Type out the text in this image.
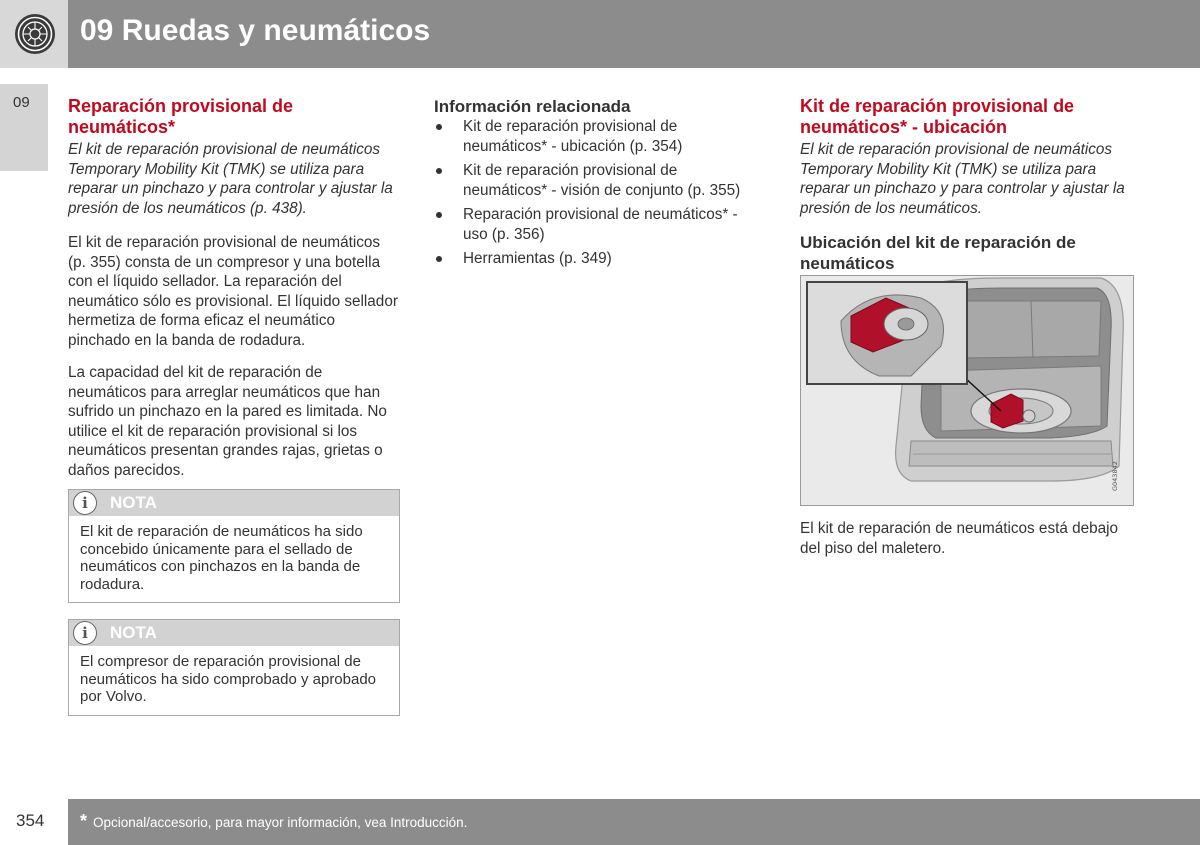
09 Ruedas y neumáticos
09 Reparación provisional de neumáticos*

El kit de reparación provisional de neumáticos Temporary Mobility Kit (TMK) se utiliza para reparar un pinchazo y para controlar y ajustar la presión de los neumáticos (p. 438).

El kit de reparación provisional de neumáticos (p. 355) consta de un compresor y una botella con el líquido sellador. La reparación del neumático sólo es provisional. El líquido sellador hermetiza de forma eficaz el neumático pinchado en la banda de rodadura.

La capacidad del kit de reparación de neumáticos para arreglar neumáticos que han sufrido un pinchazo en la pared es limitada. No utilice el kit de reparación provisional si los neumáticos presentan grandes rajas, grietas o daños parecidos.

i	NOTA
El kit de reparación de neumáticos ha sido concebido únicamente para el sellado de neumáticos con pinchazos en la banda de rodadura.
i	NOTA
El compresor de reparación provisional de neumáticos ha sido comprobado y aprobado por Volvo.
Información relacionada
Kit de reparación provisional de neumáticos* - ubicación (p. 354)
Kit de reparación provisional de neumáticos* - visión de conjunto (p. 355)
Reparación provisional de neumáticos* - uso (p. 356)
Herramientas (p. 349)
Kit de reparación provisional de neumáticos* - ubicación

El kit de reparación provisional de neumáticos Temporary Mobility Kit (TMK) se utiliza para reparar un pinchazo y para controlar y ajustar la presión de los neumáticos.

Ubicación del kit de reparación de neumáticos
G043842

El kit de reparación de neumáticos está debajo del piso del maletero.

354 * Opcional/accesorio, para mayor información, vea Introducción.
